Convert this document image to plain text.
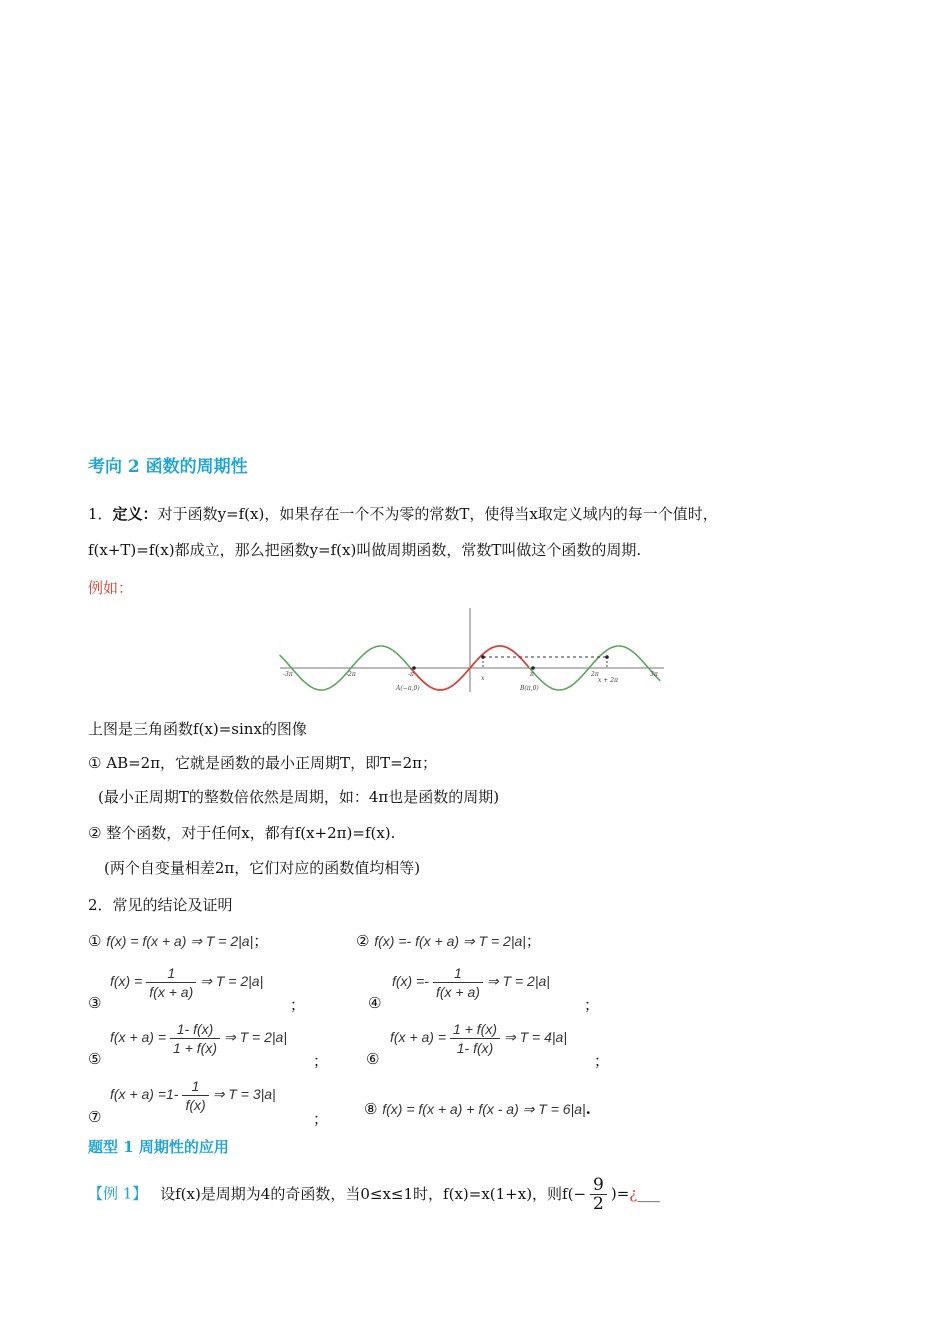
考向 2 函数的周期性
1．定义：对于函数y=f(x)，如果存在一个不为零的常数T，使得当x取定义域内的每一个值时，
f(x+T)=f(x)都成立，那么把函数y=f(x)叫做周期函数，常数T叫做这个函数的周期.
例如：
-3π	-2π	-π
x
π	2π
x + 2π
3π
A(−π,0)	B(π,0)
上图是三角函数f(x)=sinx的图像
① AB=2π，它就是函数的最小正周期T，即T=2π；
(最小正周期T的整数倍依然是周期，如：4π也是函数的周期)
② 整个函数，对于任何x，都有f(x+2π)=f(x).
(两个自变量相差2π，它们对应的函数值均相等)
2．常见的结论及证明
① f(x) = f(x + a) ⇒ T = 2|a|；	② f(x) =- f(x + a) ⇒ T = 2|a|；
③
$f(x) = \frac{1}{f(x + a)}$ ⇒ T = 2|a|
；	④
$f(x) =- \frac{1}{f(x + a)}$ ⇒ T = 2|a|
；
⑤
$f(x + a) = \frac{1- f(x)}{1 + f(x)}$ ⇒ T = 2|a|
；	⑥
$f(x + a) = \frac{1 + f(x)}{1- f(x)}$ ⇒ T = 4|a|
；
⑦
$f(x + a) =1- \frac{1}{f(x)}$ ⇒ T = 3|a|
；
⑧ f(x) = f(x + a) + f(x - a) ⇒ T = 6|a|.
题型 1 周期性的应用
【例 1】 设f(x)是周期为4的奇函数，当0≤x≤1时，f(x)=x(1+x)，则$f(- \frac{9}{2}$ )=¿___
